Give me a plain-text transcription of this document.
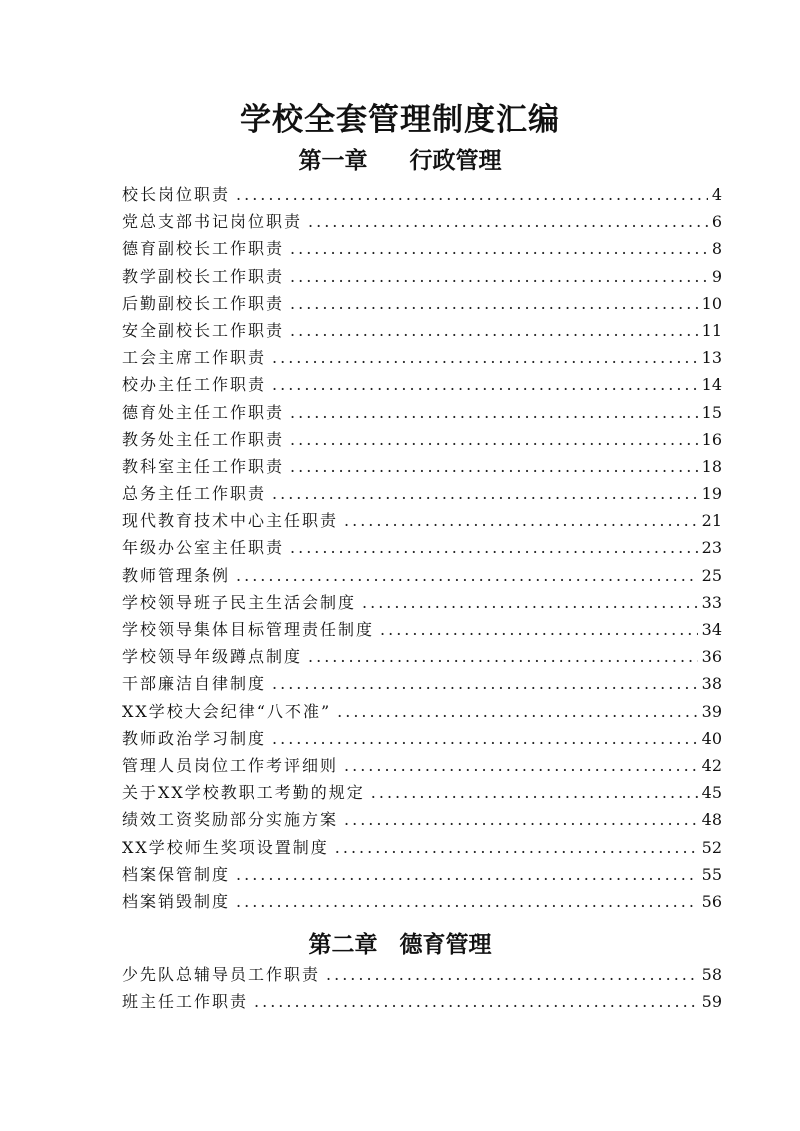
学校全套管理制度汇编
第一章 行政管理
校长岗位职责 .....	4
党总支部书记岗位职责 .....	6
德育副校长工作职责 .....	8
教学副校长工作职责 .....	9
后勤副校长工作职责 .....	10
安全副校长工作职责 .....	11
工会主席工作职责 .....	13
校办主任工作职责 .....	14
德育处主任工作职责 .....	15
教务处主任工作职责 .....	16
教科室主任工作职责 .....	18
总务主任工作职责 .....	19
现代教育技术中心主任职责 .....	21
年级办公室主任职责 .....	23
教师管理条例 .....	25
学校领导班子民主生活会制度 .....	33
学校领导集体目标管理责任制度 .....	34
学校领导年级蹲点制度 .....	36
干部廉洁自律制度 .....	38
XX学校大会纪律“八不准” .....	39
教师政治学习制度 .....	40
管理人员岗位工作考评细则 .....	42
关于XX学校教职工考勤的规定 .....	45
绩效工资奖励部分实施方案 .....	48
XX学校师生奖项设置制度 .....	52
档案保管制度 .....	55
档案销毁制度 .....	56
第二章 德育管理
少先队总辅导员工作职责 .....	58
班主任工作职责 .....	59
